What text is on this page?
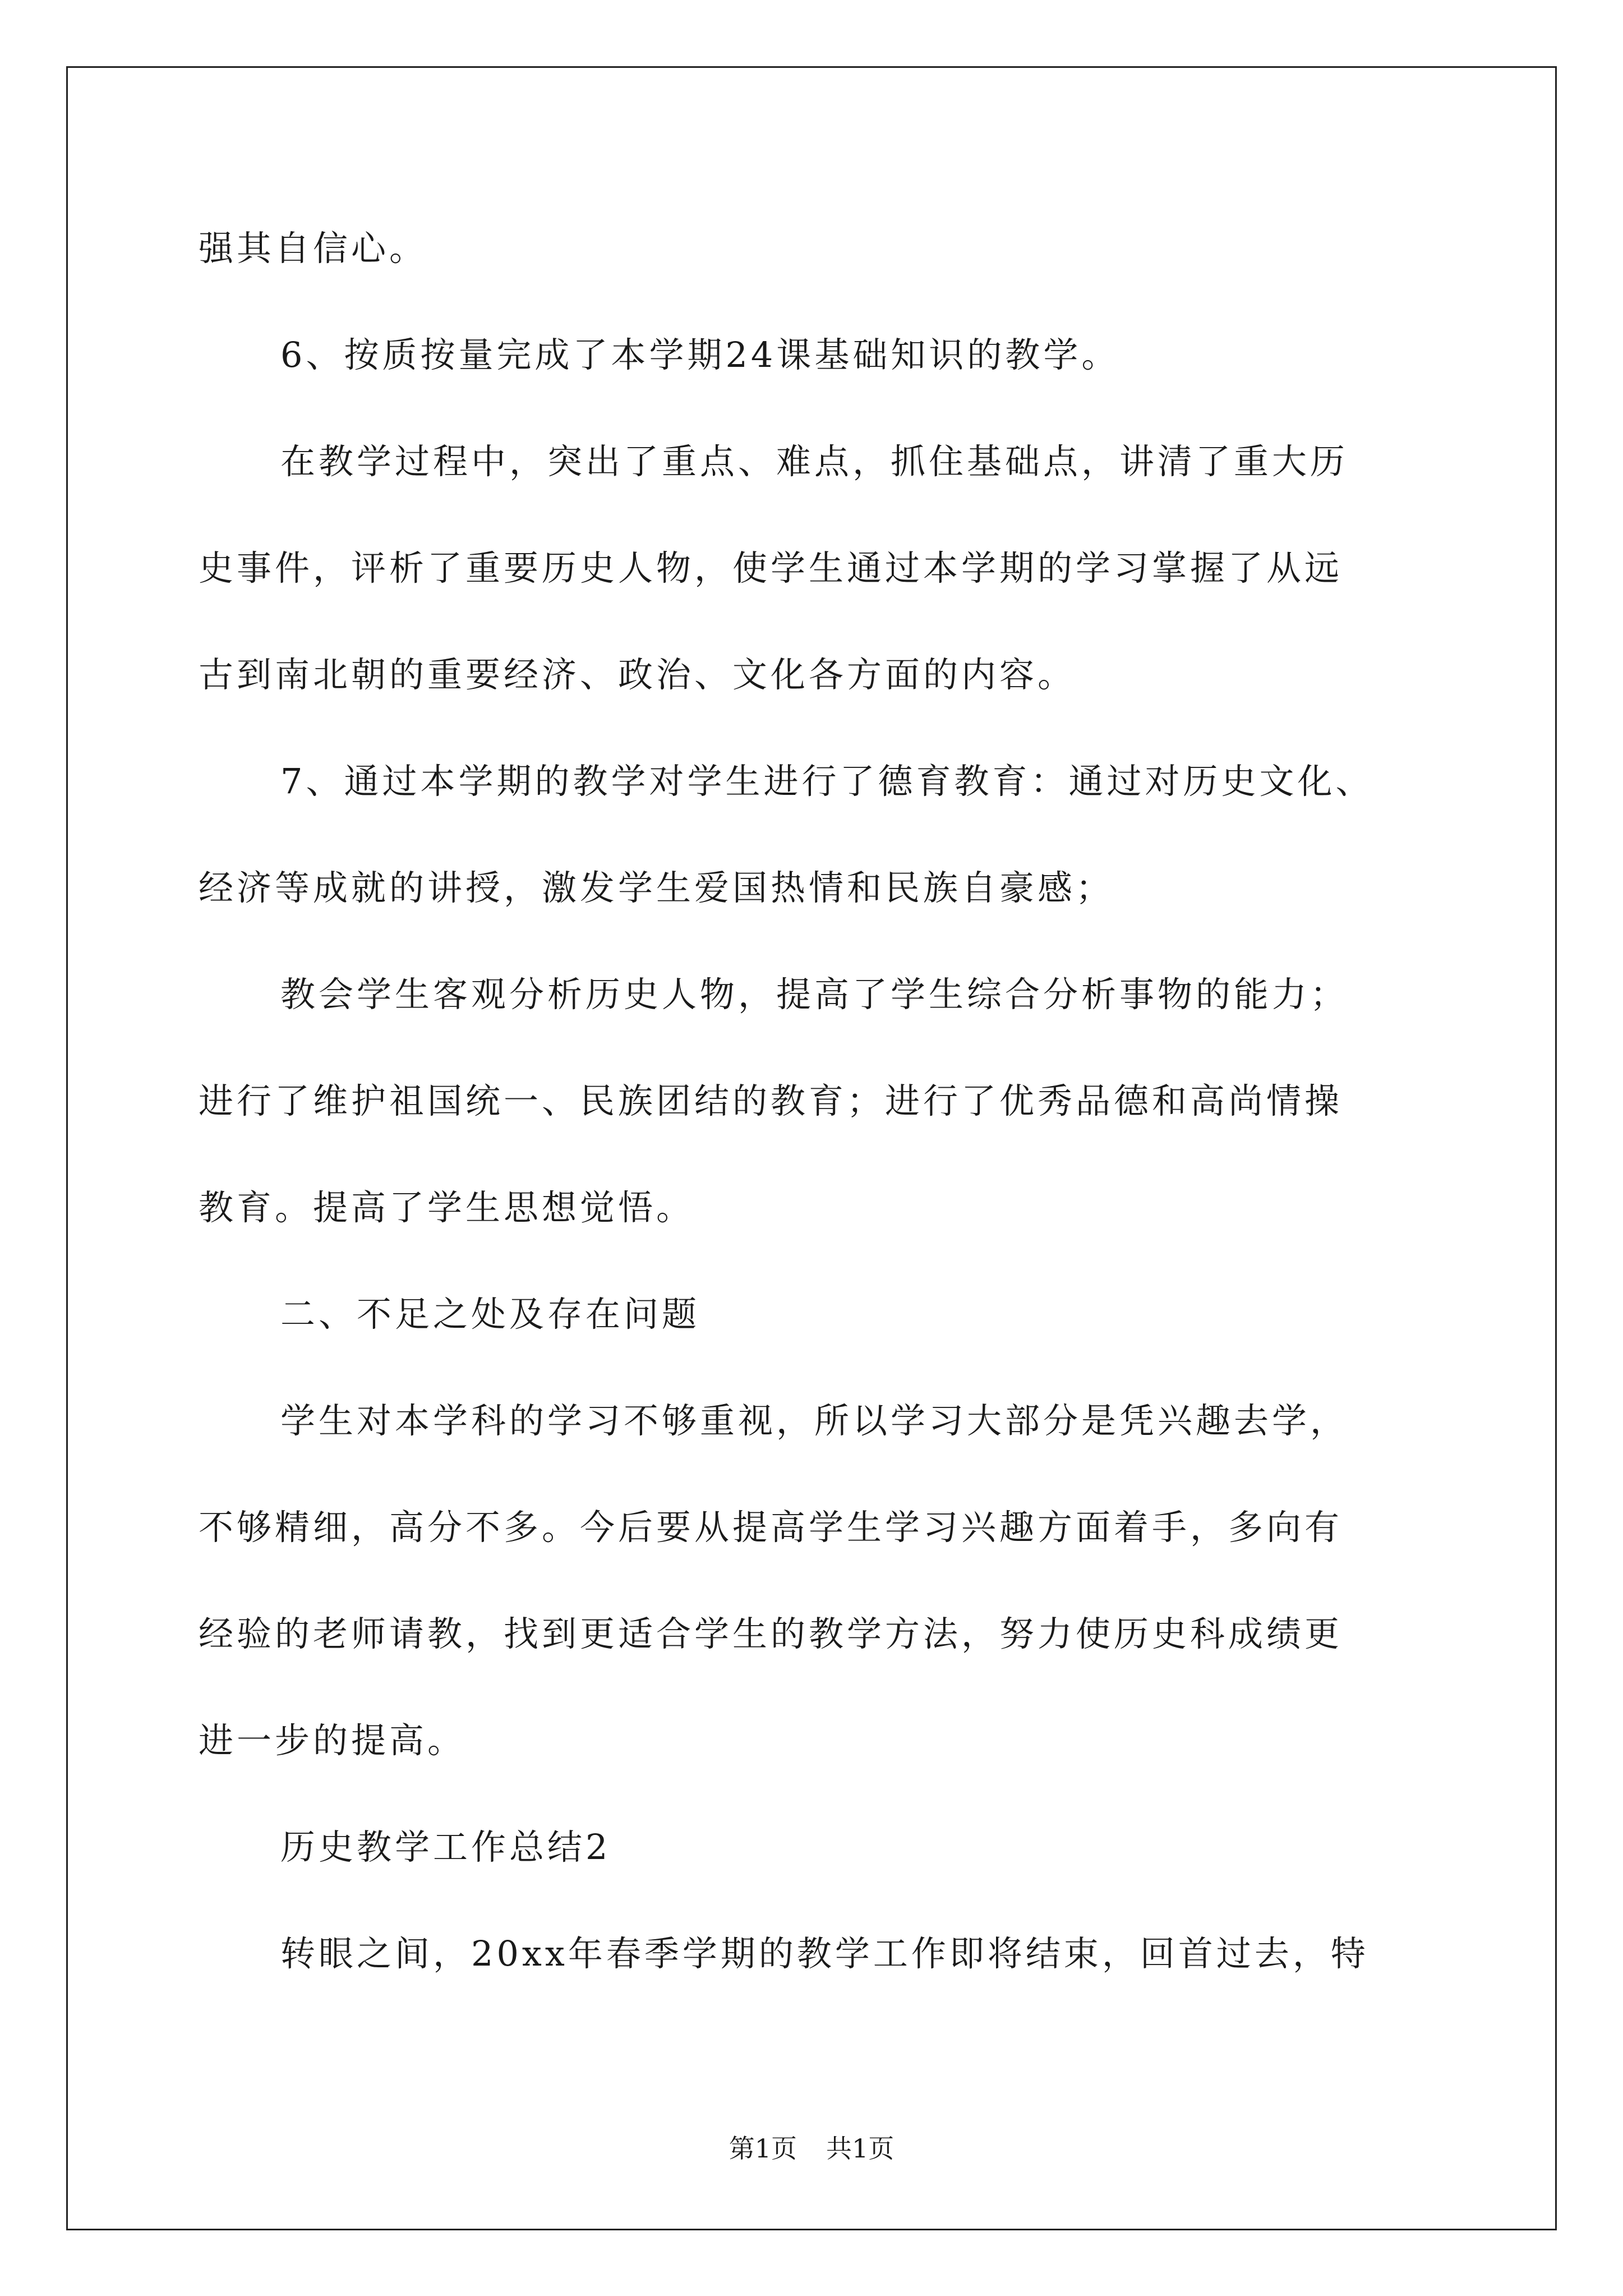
强其自信心。
6、按质按量完成了本学期24课基础知识的教学。
在教学过程中，突出了重点、难点，抓住基础点，讲清了重大历
史事件，评析了重要历史人物，使学生通过本学期的学习掌握了从远
古到南北朝的重要经济、政治、文化各方面的内容。
7、通过本学期的教学对学生进行了德育教育：通过对历史文化、
经济等成就的讲授，激发学生爱国热情和民族自豪感；
教会学生客观分析历史人物，提高了学生综合分析事物的能力；
进行了维护祖国统一、民族团结的教育；进行了优秀品德和高尚情操
教育。提高了学生思想觉悟。
二、不足之处及存在问题
学生对本学科的学习不够重视，所以学习大部分是凭兴趣去学，
不够精细，高分不多。今后要从提高学生学习兴趣方面着手，多向有
经验的老师请教，找到更适合学生的教学方法，努力使历史科成绩更
进一步的提高。
历史教学工作总结2
转眼之间，20xx年春季学期的教学工作即将结束，回首过去，特
第1页 共1页
